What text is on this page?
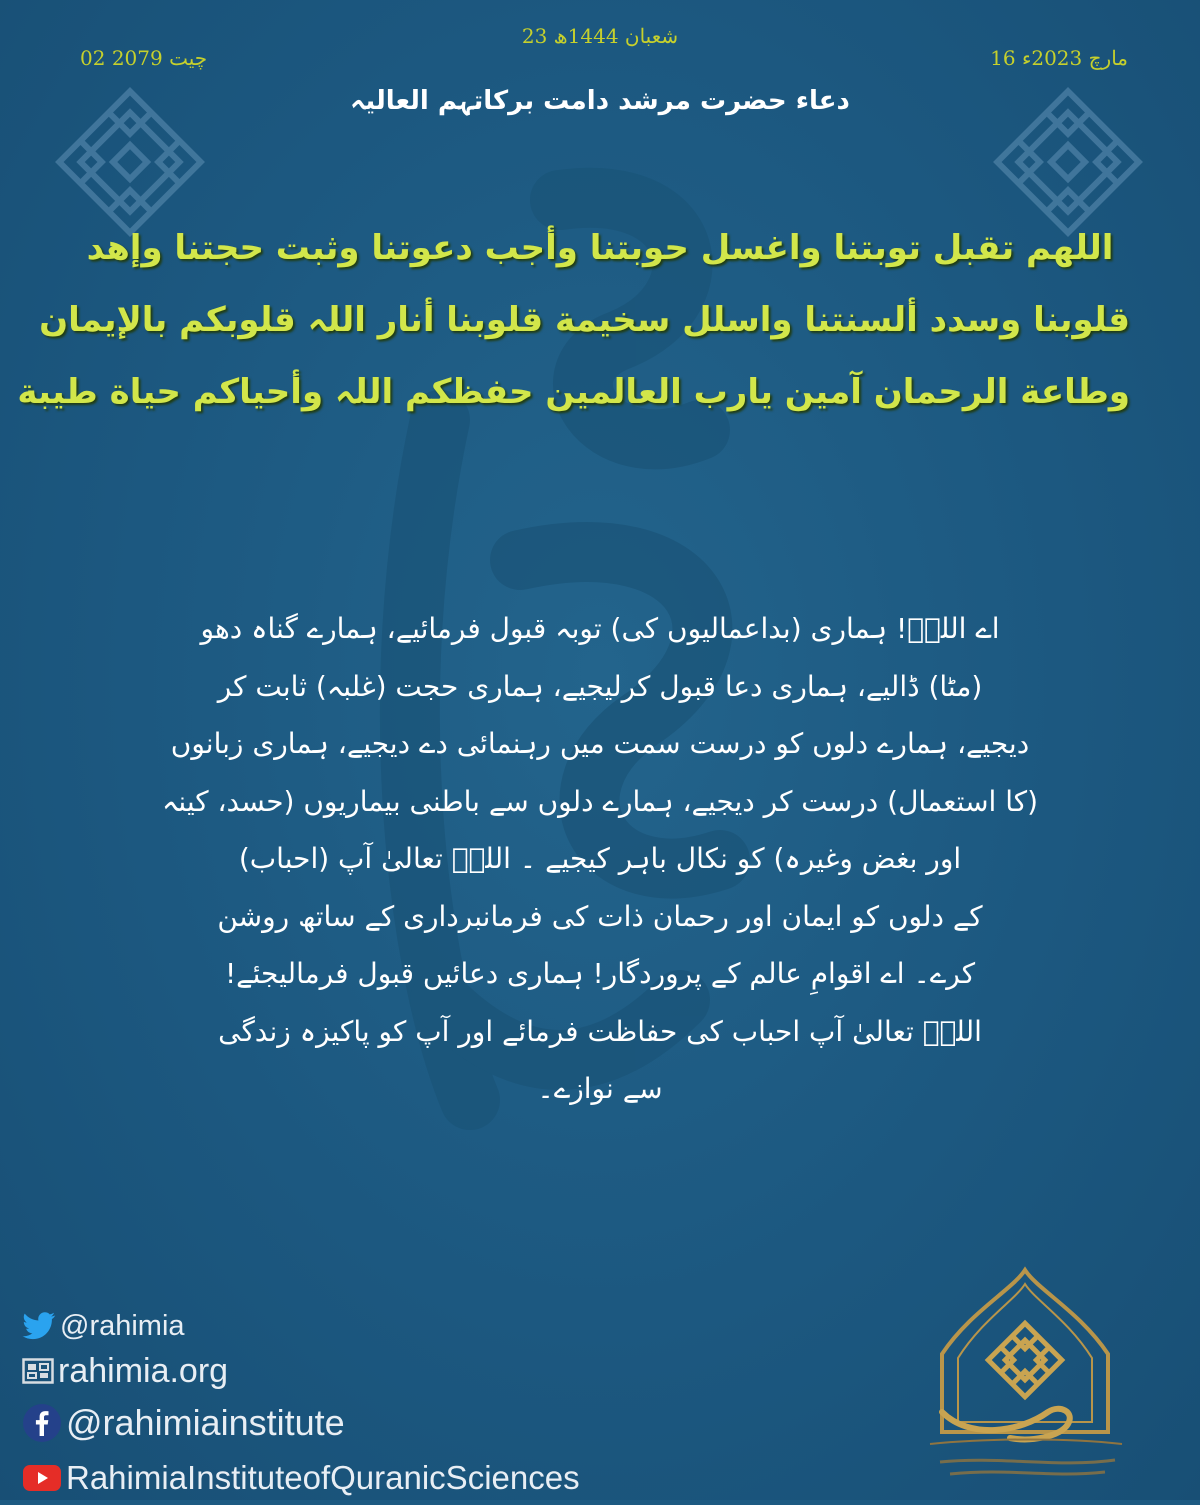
23 شعبان 1444ھ
16 مارچ 2023ء
02 چیت 2079
دعاء حضرت مرشد دامت برکاتہم العالیہ
اللھم تقبل توبتنا واغسل حوبتنا وأجب دعوتنا وثبت حجتنا وإھد
قلوبنا وسدد ألسنتنا واسلل سخیمة قلوبنا أنار اللہ قلوبکم بالإیمان
وطاعة الرحمان آمین یارب العالمین حفظکم اللہ وأحیاکم حیاة طیبة
اے اللہؔ! ہماری (بداعمالیوں کی) توبہ قبول فرمائیے، ہمارے گناہ دھو
(مٹا) ڈالیے، ہماری دعا قبول کرلیجیے، ہماری حجت (غلبہ) ثابت کر
دیجیے، ہمارے دلوں کو درست سمت میں رہنمائی دے دیجیے، ہماری زبانوں
(کا استعمال) درست کر دیجیے، ہمارے دلوں سے باطنی بیماریوں (حسد، کینہ
اور بغض وغیرہ) کو نکال باہر کیجیے ۔ اللہؔ تعالیٰ آپ (احباب)
کے دلوں کو ایمان اور رحمان ذات کی فرمانبرداری کے ساتھ روشن
کرے۔ اے اقوامِ عالم کے پروردگار! ہماری دعائیں قبول فرمالیجئے!
اللہؔ تعالیٰ آپ احباب کی حفاظت فرمائے اور آپ کو پاکیزہ زندگی
سے نوازے۔
@rahimia
rahimia.org
@rahimiainstitute
RahimiaInstituteofQuranicSciences
